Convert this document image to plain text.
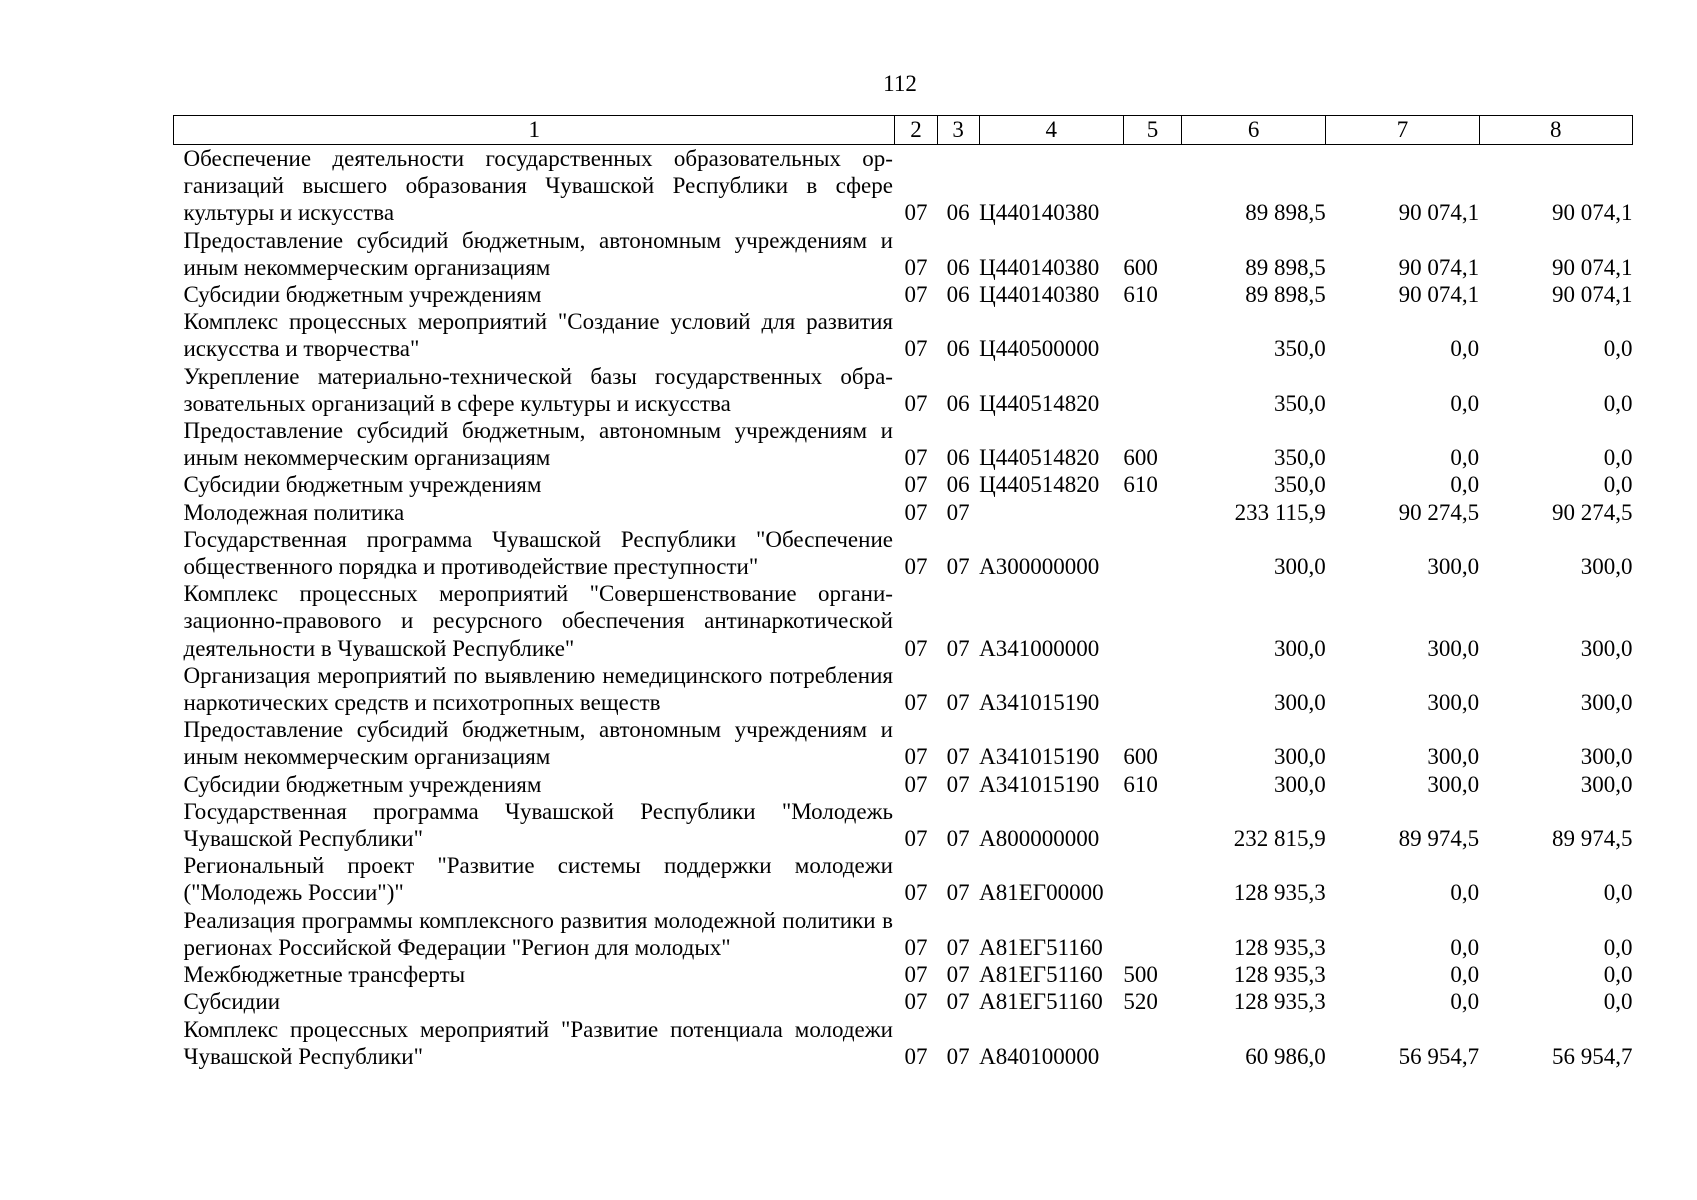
112
1	2	3	4	5	6	7	8
Обеспечение деятельности государственных образовательных организаций высшего образования Чувашской Республики в сфере культуры и искусства	07	06	Ц440140380		89 898,5	90 074,1	90 074,1
Предоставление субсидий бюджетным, автономным учреждениям и иным некоммерческим организациям	07	06	Ц440140380	600	89 898,5	90 074,1	90 074,1
Субсидии бюджетным учреждениям	07	06	Ц440140380	610	89 898,5	90 074,1	90 074,1
Комплекс процессных мероприятий "Создание условий для развития искусства и творчества"	07	06	Ц440500000		350,0	0,0	0,0
Укрепление материально-технической базы государственных образовательных организаций в сфере культуры и искусства	07	06	Ц440514820		350,0	0,0	0,0
Предоставление субсидий бюджетным, автономным учреждениям и иным некоммерческим организациям	07	06	Ц440514820	600	350,0	0,0	0,0
Субсидии бюджетным учреждениям	07	06	Ц440514820	610	350,0	0,0	0,0
Молодежная политика	07	07			233 115,9	90 274,5	90 274,5
Государственная программа Чувашской Республики "Обеспечение общественного порядка и противодействие преступности"	07	07	А300000000		300,0	300,0	300,0
Комплекс процессных мероприятий "Совершенствование организационно-правового и ресурсного обеспечения антинаркотической деятельности в Чувашской Республике"	07	07	А341000000		300,0	300,0	300,0
Организация мероприятий по выявлению немедицинского потребления наркотических средств и психотропных веществ	07	07	А341015190		300,0	300,0	300,0
Предоставление субсидий бюджетным, автономным учреждениям и иным некоммерческим организациям	07	07	А341015190	600	300,0	300,0	300,0
Субсидии бюджетным учреждениям	07	07	А341015190	610	300,0	300,0	300,0
Государственная программа Чувашской Республики "Молодежь Чувашской Республики"	07	07	А800000000		232 815,9	89 974,5	89 974,5
Региональный проект "Развитие системы поддержки молодежи ("Молодежь России")"	07	07	А81ЕГ00000		128 935,3	0,0	0,0
Реализация программы комплексного развития молодежной политики в регионах Российской Федерации "Регион для молодых"	07	07	А81ЕГ51160		128 935,3	0,0	0,0
Межбюджетные трансферты	07	07	А81ЕГ51160	500	128 935,3	0,0	0,0
Субсидии	07	07	А81ЕГ51160	520	128 935,3	0,0	0,0
Комплекс процессных мероприятий "Развитие потенциала молодежи Чувашской Республики"	07	07	А840100000		60 986,0	56 954,7	56 954,7
